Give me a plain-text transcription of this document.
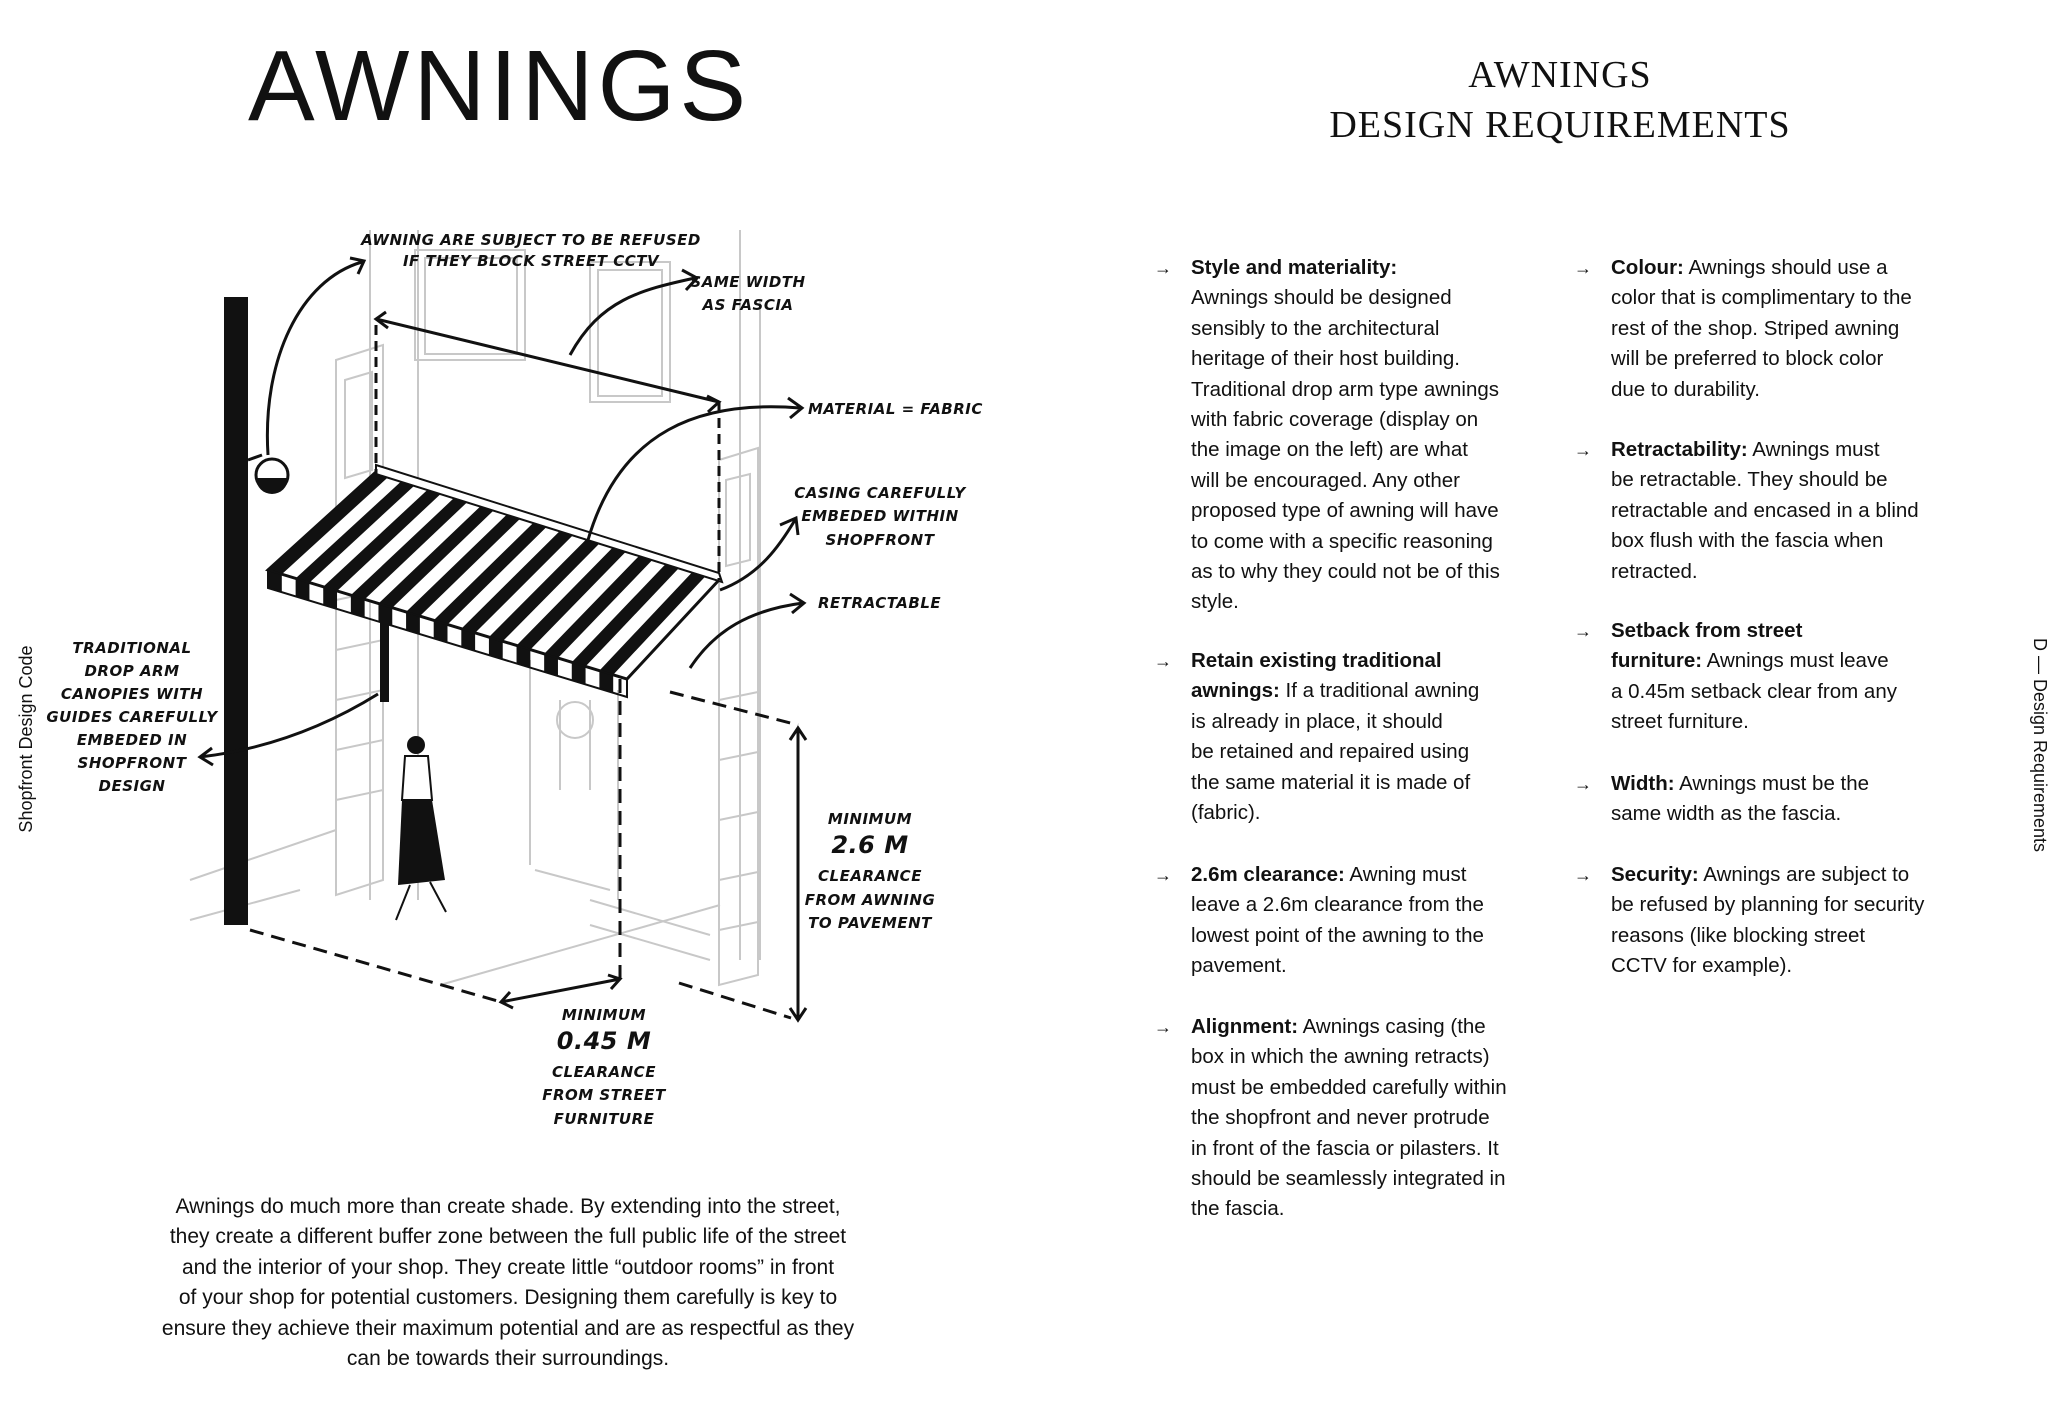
AWNINGS	AWNINGS
DESIGN REQUIREMENTS
Shopfront Design Code	D — Design Requirements
AWNING ARE SUBJECT TO BE REFUSED
IF THEY BLOCK STREET CCTV
SAME WIDTH
AS FASCIA
MATERIAL = FABRIC
CASING CAREFULLY
EMBEDED WITHIN
SHOPFRONT
RETRACTABLE
TRADITIONAL
DROP ARM
CANOPIES WITH
GUIDES CAREFULLY
EMBEDED IN
SHOPFRONT
DESIGN
MINIMUM
2.6 M
CLEARANCE
FROM AWNING
TO PAVEMENT
MINIMUM
0.45 M
CLEARANCE
FROM STREET
FURNITURE
Awnings do much more than create shade. By extending into the street,
they create a different buffer zone between the full public life of the street
and the interior of your shop. They create little “outdoor rooms” in front
of your shop for potential customers. Designing them carefully is key to
ensure they achieve their maximum potential and are as respectful as they
can be towards their surroundings.
→ Style and materiality:
Awnings should be designed
sensibly to the architectural
heritage of their host building.
Traditional drop arm type awnings
with fabric coverage (display on
the image on the left) are what
will be encouraged. Any other
proposed type of awning will have
to come with a specific reasoning
as to why they could not be of this
style.
→ Retain existing traditional
awnings: If a traditional awning
is already in place, it should
be retained and repaired using
the same material it is made of
(fabric).
→ 2.6m clearance: Awning must
leave a 2.6m clearance from the
lowest point of the awning to the
pavement.
→ Alignment: Awnings casing (the
box in which the awning retracts)
must be embedded carefully within
the shopfront and never protrude
in front of the fascia or pilasters. It
should be seamlessly integrated in
the fascia.
→ Colour: Awnings should use a
color that is complimentary to the
rest of the shop. Striped awning
will be preferred to block color
due to durability.
→ Retractability: Awnings must
be retractable. They should be
retractable and encased in a blind
box flush with the fascia when
retracted.
→ Setback from street
furniture: Awnings must leave
a 0.45m setback clear from any
street furniture.
→ Width: Awnings must be the
same width as the fascia.
→ Security: Awnings are subject to
be refused by planning for security
reasons (like blocking street
CCTV for example).
